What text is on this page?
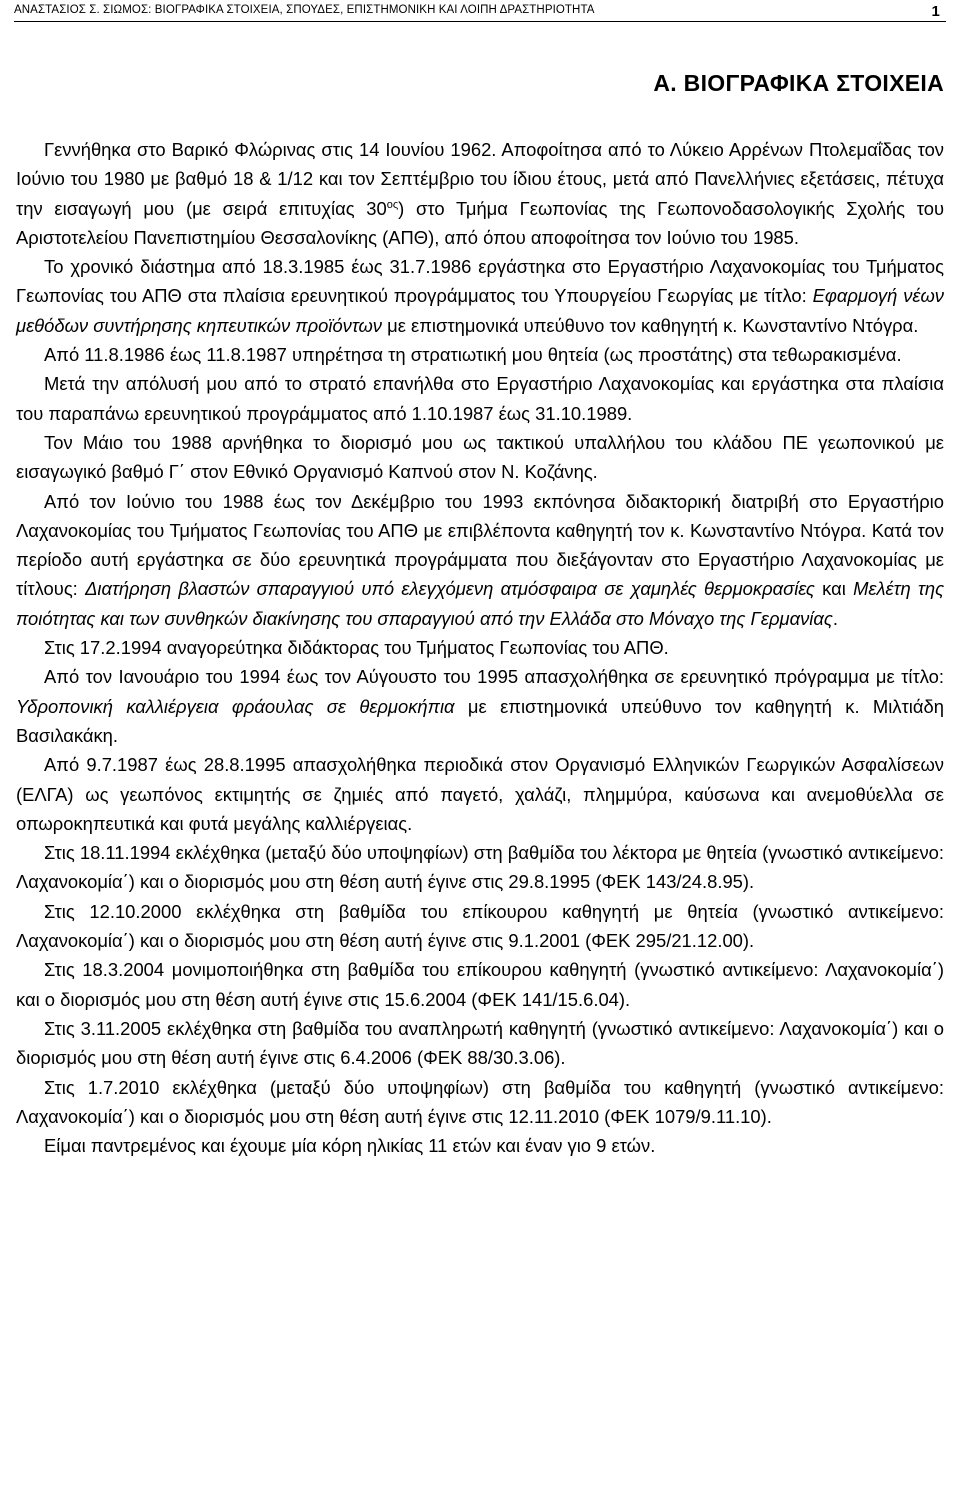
ΑΝΑΣΤΑΣΙΟΣ Σ. ΣΙΩΜΟΣ: ΒΙΟΓΡΑΦΙΚΑ ΣΤΟΙΧΕΙΑ, ΣΠΟΥΔΕΣ, ΕΠΙΣΤΗΜΟΝΙΚΗ ΚΑΙ ΛΟΙΠΗ ΔΡΑΣΤΗΡΙΟΤΗΤΑ	1
Α. ΒΙΟΓΡΑΦΙΚΑ ΣΤΟΙΧΕΙΑ

Γεννήθηκα στο Βαρικό Φλώρινας στις 14 Ιουνίου 1962. Αποφοίτησα από το Λύκειο Αρρένων Πτολεμαΐδας τον Ιούνιο του 1980 με βαθμό 18 & 1/12 και τον Σεπτέμβριο του ίδιου έτους, μετά από Πανελλήνιες εξετάσεις, πέτυχα την εισαγωγή μου (με σειρά επιτυχίας $30^{o\varsigma}$) στο Τμήμα Γεωπονίας της Γεωπονοδασολογικής Σχολής του Αριστοτελείου Πανεπιστημίου Θεσσαλονίκης (ΑΠΘ), από όπου αποφοίτησα τον Ιούνιο του 1985.

Το χρονικό διάστημα από 18.3.1985 έως 31.7.1986 εργάστηκα στο Εργαστήριο Λαχανοκομίας του Τμήματος Γεωπονίας του ΑΠΘ στα πλαίσια ερευνητικού προγράμματος του Υπουργείου Γεωργίας με τίτλο: Εφαρμογή νέων μεθόδων συντήρησης κηπευτικών προϊόντων με επιστημονικά υπεύθυνο τον καθηγητή κ. Κωνσταντίνο Ντόγρα.

Από 11.8.1986 έως 11.8.1987 υπηρέτησα τη στρατιωτική μου θητεία (ως προστάτης) στα τεθωρακισμένα.

Μετά την απόλυσή μου από το στρατό επανήλθα στο Εργαστήριο Λαχανοκομίας και εργάστηκα στα πλαίσια του παραπάνω ερευνητικού προγράμματος από 1.10.1987 έως 31.10.1989.

Τον Μάιο του 1988 αρνήθηκα το διορισμό μου ως τακτικού υπαλλήλου του κλάδου ΠΕ γεωπονικού με εισαγωγικό βαθμό Γ΄ στον Εθνικό Οργανισμό Καπνού στον Ν. Κοζάνης.

Από τον Ιούνιο του 1988 έως τον Δεκέμβριο του 1993 εκπόνησα διδακτορική διατριβή στο Εργαστήριο Λαχανοκομίας του Τμήματος Γεωπονίας του ΑΠΘ με επιβλέποντα καθηγητή τον κ. Κωνσταντίνο Ντόγρα. Κατά τον περίοδο αυτή εργάστηκα σε δύο ερευνητικά προγράμματα που διεξάγονταν στο Εργαστήριο Λαχανοκομίας με τίτλους: Διατήρηση βλαστών σπαραγγιού υπό ελεγχόμενη ατμόσφαιρα σε χαμηλές θερμοκρασίες και Μελέτη της ποιότητας και των συνθηκών διακίνησης του σπαραγγιού από την Ελλάδα στο Μόναχο της Γερμανίας.

Στις 17.2.1994 αναγορεύτηκα διδάκτορας του Τμήματος Γεωπονίας του ΑΠΘ.

Από τον Ιανουάριο του 1994 έως τον Αύγουστο του 1995 απασχολήθηκα σε ερευνητικό πρόγραμμα με τίτλο: Υδροπονική καλλιέργεια φράουλας σε θερμοκήπια με επιστημονικά υπεύθυνο τον καθηγητή κ. Μιλτιάδη Βασιλακάκη.

Από 9.7.1987 έως 28.8.1995 απασχολήθηκα περιοδικά στον Οργανισμό Ελληνικών Γεωργικών Ασφαλίσεων (ΕΛΓΑ) ως γεωπόνος εκτιμητής σε ζημιές από παγετό, χαλάζι, πλημμύρα, καύσωνα και ανεμοθύελλα σε οπωροκηπευτικά και φυτά μεγάλης καλλιέργειας.

Στις 18.11.1994 εκλέχθηκα (μεταξύ δύο υποψηφίων) στη βαθμίδα του λέκτορα με θητεία (γνωστικό αντικείμενο: Λαχανοκομία΄) και ο διορισμός μου στη θέση αυτή έγινε στις 29.8.1995 (ΦΕΚ 143/24.8.95).

Στις 12.10.2000 εκλέχθηκα στη βαθμίδα του επίκουρου καθηγητή με θητεία (γνωστικό αντικείμενο: Λαχανοκομία΄) και ο διορισμός μου στη θέση αυτή έγινε στις 9.1.2001 (ΦΕΚ 295/21.12.00).

Στις 18.3.2004 μονιμοποιήθηκα στη βαθμίδα του επίκουρου καθηγητή (γνωστικό αντικείμενο: Λαχανοκομία΄) και ο διορισμός μου στη θέση αυτή έγινε στις 15.6.2004 (ΦΕΚ 141/15.6.04).

Στις 3.11.2005 εκλέχθηκα στη βαθμίδα του αναπληρωτή καθηγητή (γνωστικό αντικείμενο: Λαχανοκομία΄) και ο διορισμός μου στη θέση αυτή έγινε στις 6.4.2006 (ΦΕΚ 88/30.3.06).

Στις 1.7.2010 εκλέχθηκα (μεταξύ δύο υποψηφίων) στη βαθμίδα του καθηγητή (γνωστικό αντικείμενο: Λαχανοκομία΄) και ο διορισμός μου στη θέση αυτή έγινε στις 12.11.2010 (ΦΕΚ 1079/9.11.10).

Είμαι παντρεμένος και έχουμε μία κόρη ηλικίας 11 ετών και έναν γιο 9 ετών.
